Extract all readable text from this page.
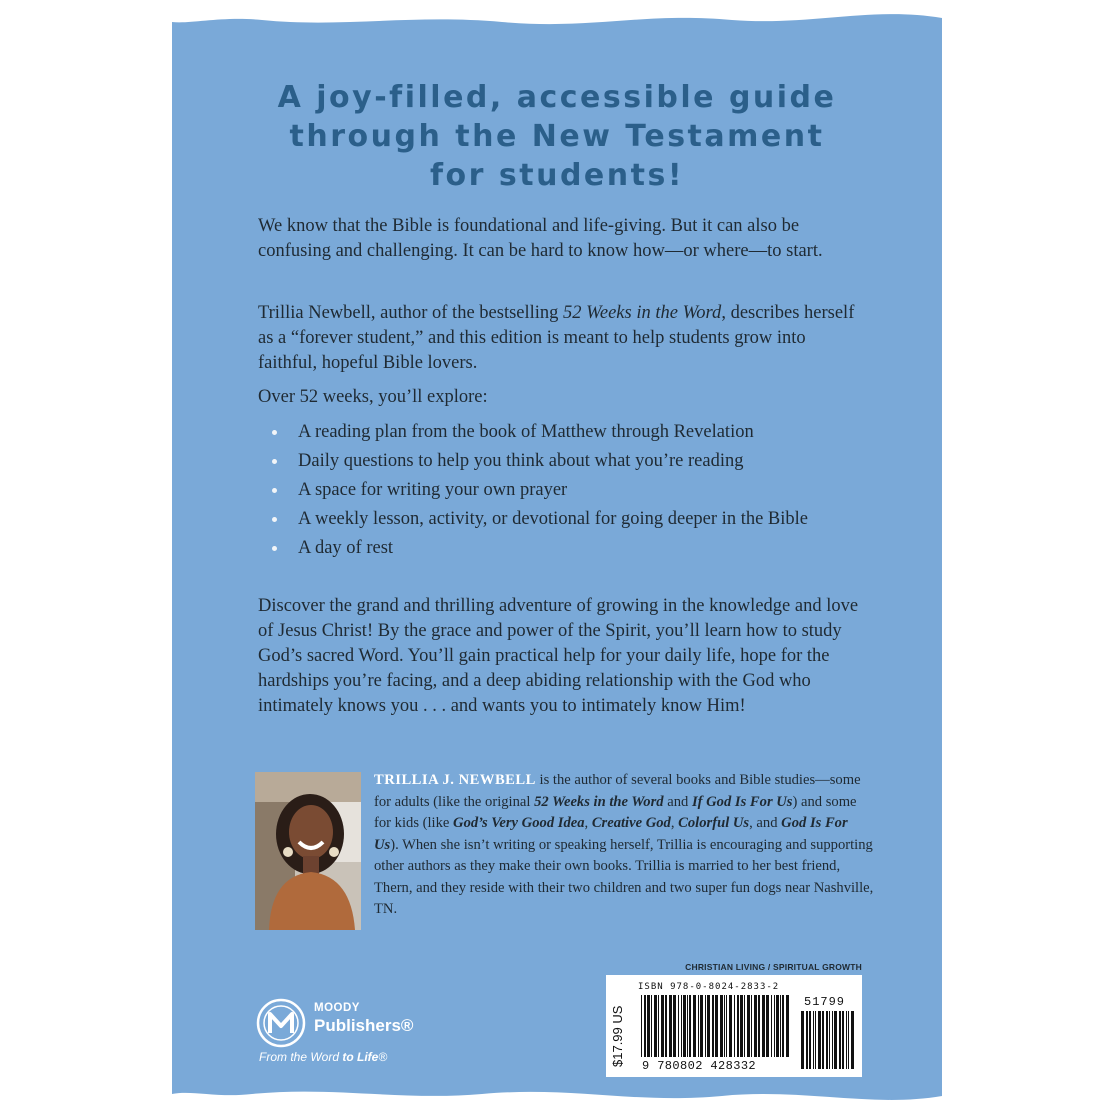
A joy-filled, accessible guide
through the New Testament
for students!
We know that the Bible is foundational and life-giving. But it can also be confusing and challenging. It can be hard to know how—or where—to start.
Trillia Newbell, author of the bestselling 52 Weeks in the Word, describes herself as a “forever student,” and this edition is meant to help students grow into faithful, hopeful Bible lovers.
Over 52 weeks, you’ll explore:
A reading plan from the book of Matthew through Revelation
Daily questions to help you think about what you’re reading
A space for writing your own prayer
A weekly lesson, activity, or devotional for going deeper in the Bible
A day of rest
Discover the grand and thrilling adventure of growing in the knowledge and love of Jesus Christ! By the grace and power of the Spirit, you’ll learn how to study God’s sacred Word. You’ll gain practical help for your daily life, hope for the hardships you’re facing, and a deep abiding relationship with the God who intimately knows you . . . and wants you to intimately know Him!
TRILLIA J. NEWBELL is the author of several books and Bible studies—some for adults (like the original 52 Weeks in the Word and If God Is For Us) and some for kids (like God’s Very Good Idea, Creative God, Colorful Us, and God Is For Us). When she isn’t writing or speaking herself, Trillia is encouraging and supporting other authors as they make their own books. Trillia is married to her best friend, Thern, and they reside with their two children and two super fun dogs near Nashville, TN.
MOODY
Publishers®
From the Word to Life®
CHRISTIAN LIVING / SPIRITUAL GROWTH
$17.99 US
ISBN 978-0-8024-2833-2
9 780802 428332
51799
